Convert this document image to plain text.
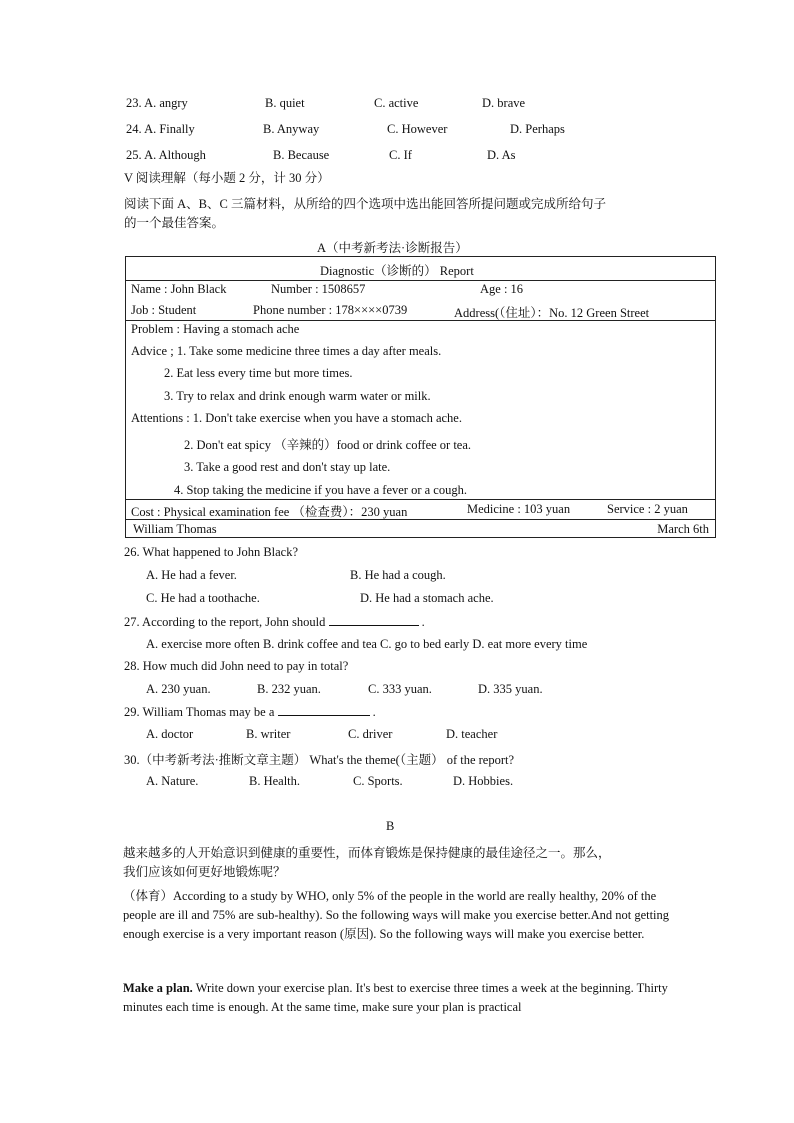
23. A. angry	B. quiet	C. active	D. brave
24. A. Finally	B. Anyway	C. However	D. Perhaps
25. A. Although	B. Because	C. If	D. As
V 阅读理解（每小题 2 分，计 30 分）
阅读下面 A、B、C 三篇材料，从所给的四个选项中选出能回答所提问题或完成所给句子
的一个最佳答案。
A（中考新考法·诊断报告）
Diagnostic（诊断的） Report
Name : John Black	Number : 1508657	Age : 16
Job : Student	Phone number : 178××××0739	Address(（住址）：No. 12 Green Street
Problem : Having a stomach ache
Advice ; 1. Take some medicine three times a day after meals.
2. Eat less every time but more times.
3. Try to relax and drink enough warm water or milk.
Attentions : 1. Don't take exercise when you have a stomach ache.
2. Don't eat spicy （辛辣的）food or drink coffee or tea.
3. Take a good rest and don't stay up late.
4. Stop taking the medicine if you have a fever or a cough.
Cost : Physical examination fee （检查费）：230 yuan	Medicine : 103 yuan	Service : 2 yuan
William Thomas	March 6th
26. What happened to John Black?
A. He had a fever.	B. He had a cough.
C. He had a toothache.	D. He had a stomach ache.
27. According to the report, John should	.
A. exercise more often B. drink coffee and tea C. go to bed early D. eat more every time
28. How much did John need to pay in total?
A. 230 yuan.	B. 232 yuan.	C. 333 yuan.	D. 335 yuan.
29. William Thomas may be a	.
A. doctor	B. writer	C. driver	D. teacher
30.（中考新考法·推断文章主题） What's the theme(（主题） of the report?
A. Nature.	B. Health.	C. Sports.	D. Hobbies.
B
越来越多的人开始意识到健康的重要性，而体育锻炼是保持健康的最佳途径之一。那么，
我们应该如何更好地锻炼呢？
（体育）According to a study by WHO, only 5% of the people in the world are really healthy, 20% of the people are ill and 75% are sub-healthy). So the following ways will make you exercise better.And not getting enough exercise is a very important reason (原因). So the following ways will make you exercise better.
Make a plan. Write down your exercise plan. It's best to exercise three times a week at the beginning. Thirty minutes each time is enough. At the same time, make sure your plan is practical
